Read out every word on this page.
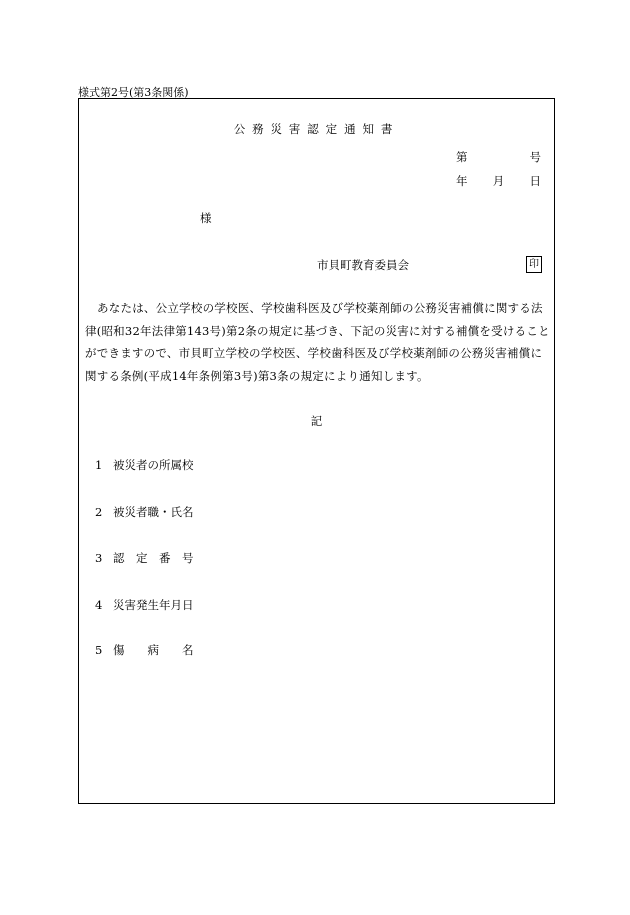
様式第2号(第3条関係)
公務災害認定通知書
第	号
年 月 日
様
市貝町教育委員会	印
あなたは、公立学校の学校医、学校歯科医及び学校薬剤師の公務災害補償に関する法
律(昭和32年法律第143号)第2条の規定に基づき、下記の災害に対する補償を受けること
ができますので、市貝町立学校の学校医、学校歯科医及び学校薬剤師の公務災害補償に
関する条例(平成14年条例第3号)第3条の規定により通知します。
記
1 被災者の所属校
2 被災者職・氏名
3 認　定　番　号
4 災害発生年月日
5 傷　　病　　名
